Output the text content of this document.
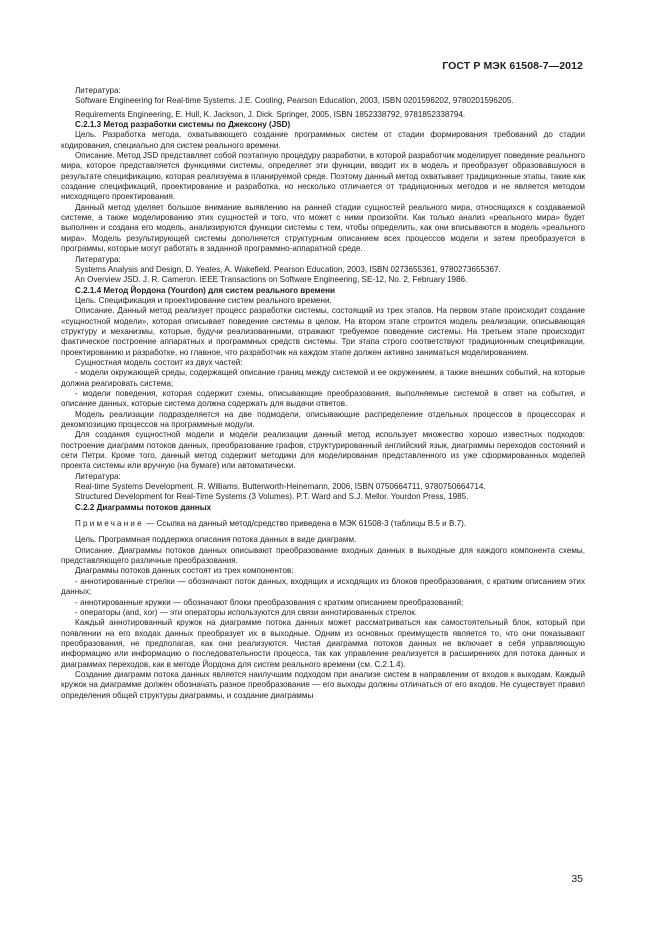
ГОСТ Р МЭК 61508-7—2012

Литература:

Software Engineering for Real-time Systems. J.E. Cooling, Pearson Education, 2003, ISBN 0201596202, 9780201596205.

Requirements Engineering, E. Hull, K. Jackson, J. Dick. Springer, 2005, ISBN 1852338792, 9781852338794.

C.2.1.3 Метод разработки системы по Джексону (JSD)

Цель. Разработка метода, охватывающего создание программных систем от стадии формирования требований до стадии кодирования, специально для систем реального времени.

Описание. Метод JSD представляет собой поэтапную процедуру разработки, в которой разработчик моделирует поведение реального мира, которое представляется функциями системы, определяет эти функции, вводит их в модель и преобразует образовавшуюся в результате спецификацию, которая реализуема в планируемой среде. Поэтому данный метод охватывает традиционные этапы, такие как создание спецификаций, проектирование и разработка, но несколько отличается от традиционных методов и не является методом нисходящего проектирования.

Данный метод уделяет большое внимание выявлению на ранней стадии сущностей реального мира, относящихся к создаваемой системе, а также моделированию этих сущностей и того, что может с ними произойти. Как только анализ «реального мира» будет выполнен и создана его модель, анализируются функции системы с тем, чтобы определить, как они вписываются в модель «реального мира». Модель результирующей системы дополняется структурным описанием всех процессов модели и затем преобразуется в программы, которые могут работать в заданной программно-аппаратной среде.

Литература:

Systems Analysis and Design, D. Yeates, A. Wakefield. Pearson Education, 2003, ISBN 0273655361, 9780273655367.

An Overview JSD. J. R. Cameron. IEEE Transactions on Software Engineering, SE-12, No. 2, February 1986.

C.2.1.4 Метод Йордона (Yourdon) для систем реального времени

Цель. Спецификация и проектирование систем реального времени.

Описание. Данный метод реализует процесс разработки системы, состоящий из трех этапов. На первом этапе происходит создание «сущностной модели», которая описывает поведение системы в целом. На втором этапе строится модель реализации, описывающая структуру и механизмы, которые, будучи реализованными, отражают требуемое поведение системы. На третьем этапе происходит фактическое построение аппаратных и программных средств системы. Три этапа строго соответствуют традиционным спецификации, проектированию и разработке, но главное, что разработчик на каждом этапе должен активно заниматься моделированием.

Сущностная модель состоит из двух частей:

- модели окружающей среды, содержащей описание границ между системой и ее окружением, а также внешних событий, на которые должна реагировать система;

- модели поведения, которая содержит схемы, описывающие преобразования, выполняемые системой в ответ на события, и описание данных, которые система должна содержать для выдачи ответов.

Модель реализации подразделяется на две подмодели, описывающие распределение отдельных процессов в процессорах и декомпозицию процессов на программные модули.

Для создания сущностной модели и модели реализации данный метод использует множество хорошо известных подходов: построение диаграмм потоков данных, преобразование графов, структурированный английский язык, диаграммы переходов состояний и сети Петри. Кроме того, данный метод содержит методики для моделирования представленного из уже сформированных моделей проекта системы или вручную (на бумаге) или автоматически.

Литература:

Real-time Systems Development. R. Williams. Butterworth-Heinemann, 2006, ISBN 0750664711, 9780750664714.

Structured Development for Real-Time Systems (3 Volumes). P.T. Ward and S.J. Mellor. Yourdon Press, 1985.

C.2.2 Диаграммы потоков данных

Примечание — Ссылка на данный метод/средство приведена в МЭК 61508-3 (таблицы B.5 и B.7).

Цель. Программная поддержка описания потока данных в виде диаграмм.

Описание. Диаграммы потоков данных описывают преобразование входных данных в выходные для каждого компонента схемы, представляющего различные преобразования.

Диаграммы потоков данных состоят из трех компонентов:

- аннотированные стрелки — обозначают поток данных, входящих и исходящих из блоков преобразования, с кратким описанием этих данных;

- аннотированные кружки — обозначают блоки преобразования с кратким описанием преобразований;

- операторы (and, xor) — эти операторы используются для связи аннотированных стрелок.

Каждый аннотированный кружок на диаграмме потока данных может рассматриваться как самостоятельный блок, который при появлении на его входах данных преобразует их в выходные. Одним из основных преимуществ является то, что они показывают преобразования, не предполагая, как они реализуются. Чистая диаграмма потоков данных не включает в себя управляющую информацию или информацию о последовательности процесса, так как управление реализуется в расширениях для потока данных и диаграммах переходов, как в методе Йордона для систем реального времени (см. C.2.1.4).

Создание диаграмм потока данных является наилучшим подходом при анализе систем в направлении от входов к выходам. Каждый кружок на диаграмме должен обозначать разное преобразование — его выходы должны отличаться от его входов. Не существует правил определения общей структуры диаграммы, и создание диаграммы

35
